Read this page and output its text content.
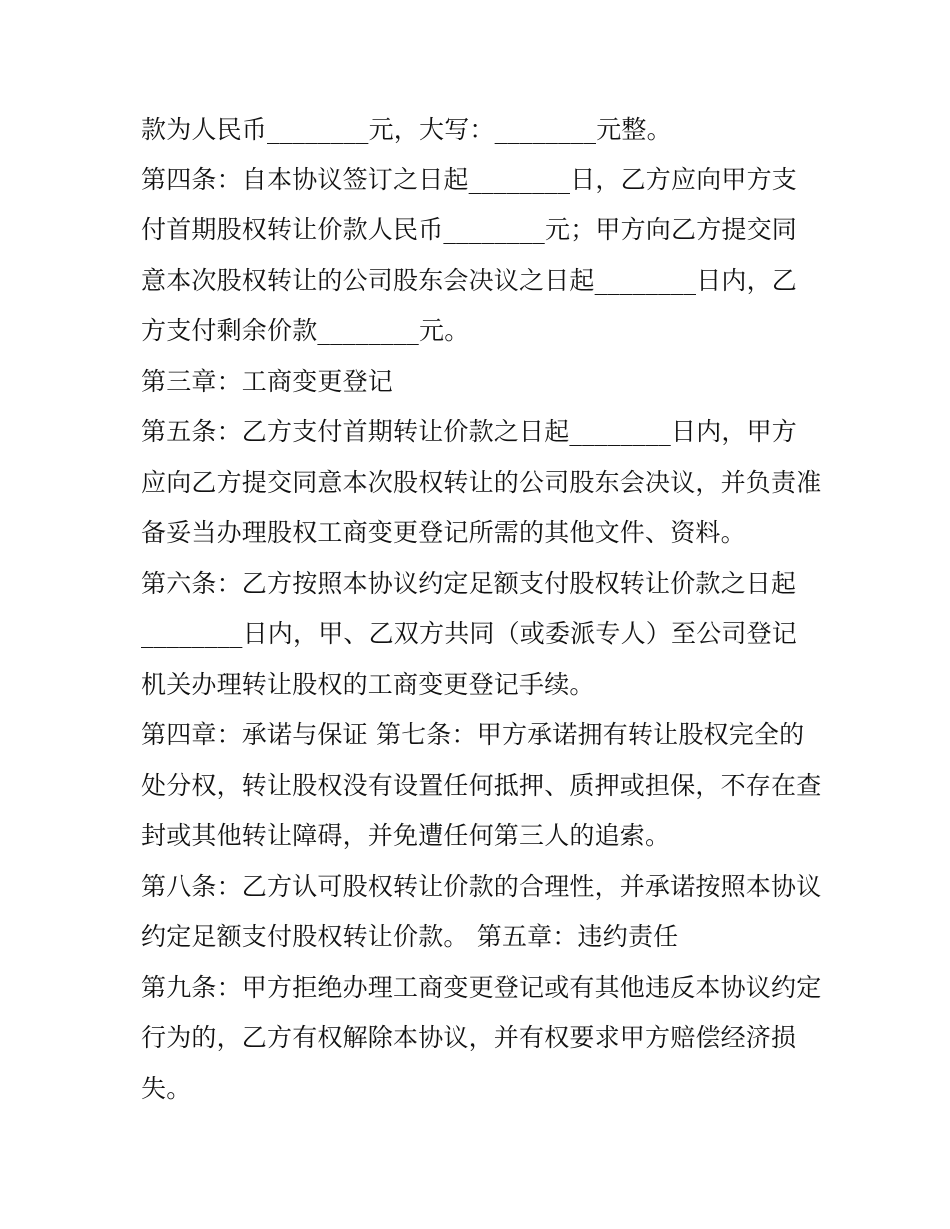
款为人民币________元，大写：________元整。
第四条：自本协议签订之日起________日，乙方应向甲方支
付首期股权转让价款人民币________元；甲方向乙方提交同
意本次股权转让的公司股东会决议之日起________日内，乙
方支付剩余价款________元。
第三章：工商变更登记
第五条：乙方支付首期转让价款之日起________日内，甲方
应向乙方提交同意本次股权转让的公司股东会决议，并负责准
备妥当办理股权工商变更登记所需的其他文件、资料。
第六条：乙方按照本协议约定足额支付股权转让价款之日起
________日内，甲、乙双方共同（或委派专人）至公司登记
机关办理转让股权的工商变更登记手续。
第四章：承诺与保证 第七条：甲方承诺拥有转让股权完全的
处分权，转让股权没有设置任何抵押、质押或担保，不存在查
封或其他转让障碍，并免遭任何第三人的追索。
第八条：乙方认可股权转让价款的合理性，并承诺按照本协议
约定足额支付股权转让价款。 第五章：违约责任
第九条：甲方拒绝办理工商变更登记或有其他违反本协议约定
行为的，乙方有权解除本协议，并有权要求甲方赔偿经济损
失。
